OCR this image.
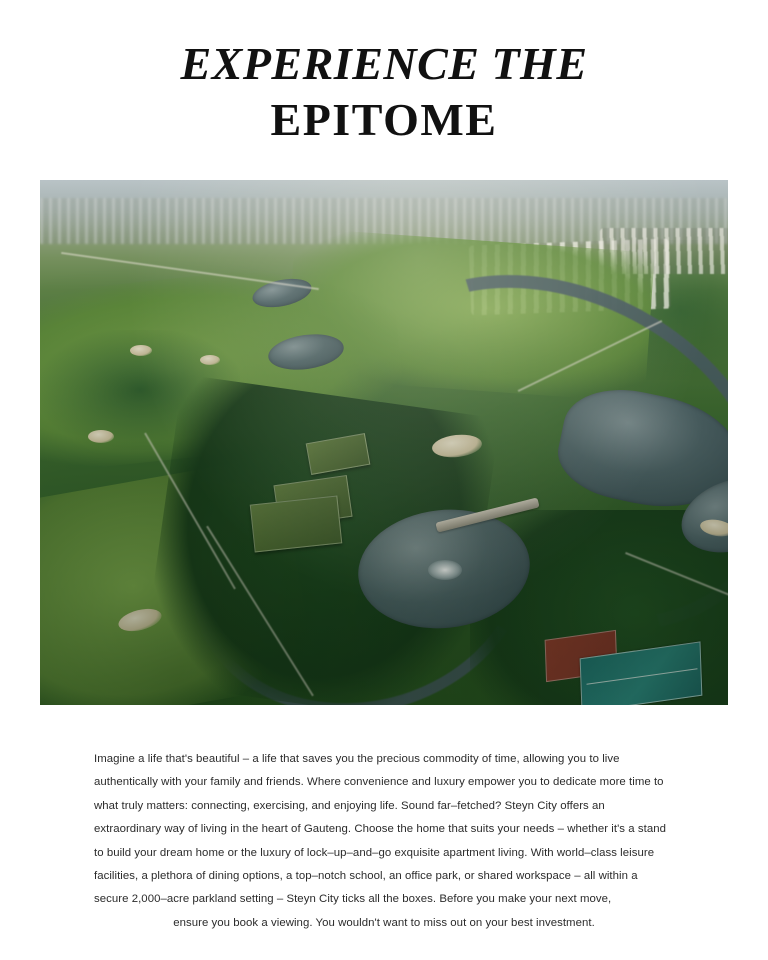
EXPERIENCE THE
EPITOME
Imagine a life that's beautiful – a life that saves you the precious commodity of time, allowing you to live authentically with your family and friends. Where convenience and luxury empower you to dedicate more time to what truly matters: connecting, exercising, and enjoying life. Sound far–fetched? Steyn City offers an extraordinary way of living in the heart of Gauteng. Choose the home that suits your needs – whether it's a stand to build your dream home or the luxury of lock–up–and–go exquisite apartment living. With world–class leisure facilities, a plethora of dining options, a top–notch school, an office park, or shared workspace – all within a secure 2,000–acre parkland setting – Steyn City ticks all the boxes. Before you make your next move,
ensure you book a viewing. You wouldn't want to miss out on your best investment.
